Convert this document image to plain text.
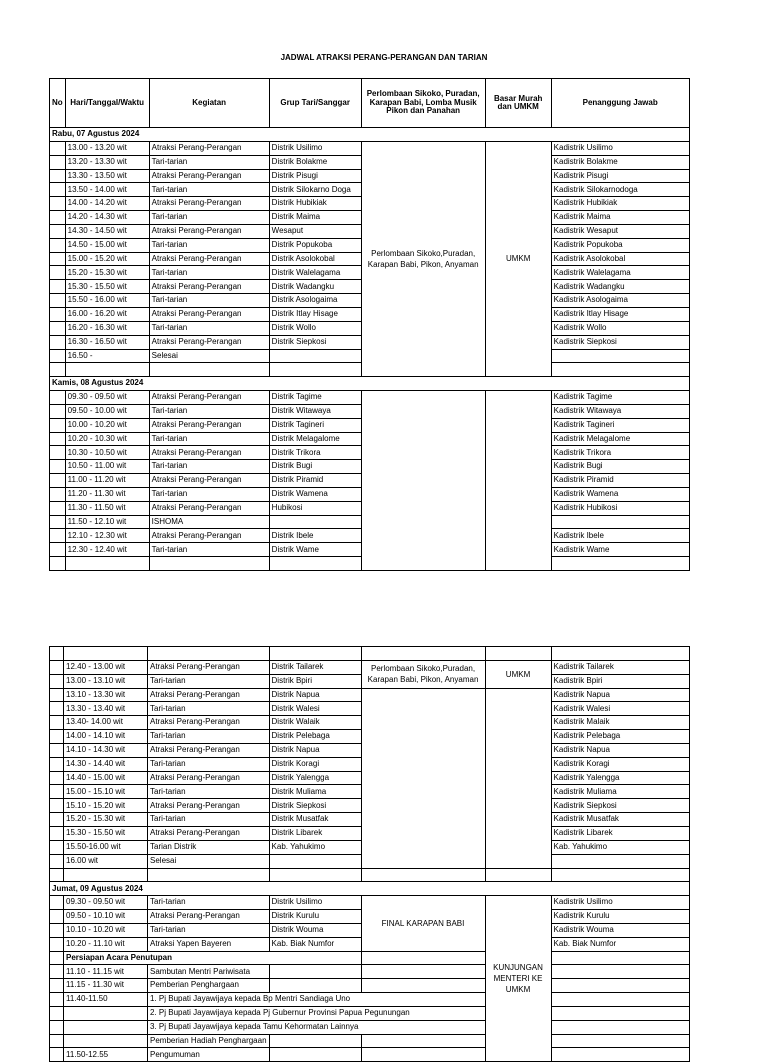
JADWAL ATRAKSI PERANG-PERANGAN DAN TARIAN
No	Hari/Tanggal/Waktu	Kegiatan	Grup Tari/Sanggar	Perlombaan Sikoko, Puradan, Karapan Babi, Lomba Musik Pikon dan Panahan	Basar Murah dan UMKM	Penanggung Jawab
Rabu, 07 Agustus 2024						
	13.00 - 13.20 wit	Atraksi Perang-Perangan	Distrik Usilimo	Perlombaan Sikoko,Puradan, Karapan Babi, Pikon, Anyaman	UMKM	Kadistrik Usilimo
	13.20 - 13.30 wit	Tari-tarian	Distrik Bolakme			Kadistrik Bolakme
	13.30 - 13.50 wit	Atraksi Perang-Perangan	Distrik Pisugi			Kadistrik Pisugi
	13.50 - 14.00 wit	Tari-tarian	Distrik Silokarno Doga			Kadistrik Silokarnodoga
	14.00 - 14.20 wit	Atraksi Perang-Perangan	Distrik Hubikiak			Kadistrik Hubikiak
	14.20 - 14.30 wit	Tari-tarian	Distrik Maima			Kadistrik Maima
	14.30 - 14.50 wit	Atraksi Perang-Perangan	Wesaput			Kadistrik Wesaput
	14.50 - 15.00 wit	Tari-tarian	Distrik Popukoba			Kadistrik Popukoba
	15.00 - 15.20 wit	Atraksi Perang-Perangan	Distrik Asolokobal			Kadistrik Asolokobal
	15.20 - 15.30 wit	Tari-tarian	Distrik Walelagama			Kadistrik Walelagama
	15.30 - 15.50 wit	Atraksi Perang-Perangan	Distrik Wadangku			Kadistrik Wadangku
	15.50 - 16.00 wit	Tari-tarian	Distrik Asologaima			Kadistrik Asologaima
	16.00 - 16.20 wit	Atraksi Perang-Perangan	Distrik Itlay Hisage			Kadistrik Itlay Hisage
	16.20 - 16.30 wit	Tari-tarian	Distrik Wollo			Kadistrik Wollo
	16.30 - 16.50 wit	Atraksi Perang-Perangan	Distrik Siepkosi			Kadistrik Siepkosi
	16.50 -	Selesai				

Kamis, 08 Agustus 2024						
	09.30 - 09.50 wit	Atraksi Perang-Perangan	Distrik Tagime			Kadistrik Tagime
	09.50 - 10.00 wit	Tari-tarian	Distrik Witawaya			Kadistrik Witawaya
	10.00 - 10.20 wit	Atraksi Perang-Perangan	Distrik Tagineri			Kadistrik Tagineri
	10.20 - 10.30 wit	Tari-tarian	Distrik Melagalome			Kadistrik Melagalome
	10.30 - 10.50 wit	Atraksi Perang-Perangan	Distrik Trikora			Kadistrik Trikora
	10.50 - 11.00 wit	Tari-tarian	Distrik Bugi			Kadistrik Bugi
	11.00 - 11.20 wit	Atraksi Perang-Perangan	Distrik Piramid			Kadistrik Piramid
	11.20 - 11.30 wit	Tari-tarian	Distrik Wamena			Kadistrik Wamena
	11.30 - 11.50 wit	Atraksi Perang-Perangan	Hubikosi			Kadistrik Hubikosi
	11.50 - 12.10 wit	ISHOMA				
	12.10 - 12.30 wit	Atraksi Perang-Perangan	Distrik Ibele			Kadistrik Ibele
	12.30 - 12.40 wit	Tari-tarian	Distrik Wame			Kadistrik Wame

	12.40 - 13.00 wit	Atraksi Perang-Perangan	Distrik Tailarek	Perlombaan Sikoko,Puradan, Karapan Babi, Pikon, Anyaman	UMKM	Kadistrik Tailarek
	13.00 - 13.10 wit	Tari-tarian	Distrik Bpiri			Kadistrik Bpiri
	13.10 - 13.30 wit	Atraksi Perang-Perangan	Distrik Napua			Kadistrik Napua
	13.30 - 13.40 wit	Tari-tarian	Distrik Walesi			Kadistrik Walesi
	13.40- 14.00 wit	Atraksi Perang-Perangan	Distrik Walaik			Kadistrik Malaik
	14.00 - 14.10 wit	Tari-tarian	Distrik Pelebaga			Kadistrik Pelebaga
	14.10 - 14.30 wit	Atraksi Perang-Perangan	Distrik Napua			Kadistrik Napua
	14.30 - 14.40 wit	Tari-tarian	Distrik Koragi			Kadistrik Koragi
	14.40 - 15.00 wit	Atraksi Perang-Perangan	Distrik Yalengga			Kadistrik Yalengga
	15.00 - 15.10 wit	Tari-tarian	Distrik Muliama			Kadistrik Muliama
	15.10 - 15.20 wit	Atraksi Perang-Perangan	Distrik Siepkosi			Kadistrik Siepkosi
	15.20 - 15.30 wit	Tari-tarian	Distrik Musatfak			Kadistrik Musatfak
	15.30 - 15.50 wit	Atraksi Perang-Perangan	Distrik Libarek			Kadistrik Libarek
	15.50-16.00 wit	Tarian Distrik	Kab. Yahukimo			Kab. Yahukimo
	16.00 wit	Selesai				

Jumat, 09 Agustus 2024						
	09.30 - 09.50 wit	Tari-tarian	Distrik Usilimo	FINAL KARAPAN BABI	KUNJUNGAN MENTERI KE UMKM	Kadistrik Usilimo
	09.50 - 10.10 wit	Atraksi Perang-Perangan	Distrik Kurulu			Kadistrik Kurulu
	10.10 - 10.20 wit	Tari-tarian	Distrik Wouma			Kadistrik Wouma
	10.20 - 11.10 wit	Atraksi Yapen Bayeren	Kab. Biak Numfor			Kab. Biak Numfor
	Persiapan Acara Penutupan					
	11.10 - 11.15 wit	Sambutan Mentri Pariwisata				
	11.15 - 11.30 wit	Pemberian Penghargaan				
	11.40-11.50	1. Pj Bupati Jayawijaya kepada Bp Mentri Sandiaga Uno				
		2. Pj Bupati Jayawijaya kepada Pj Gubernur Provinsi Papua Pegunungan				
		3. Pj Bupati Jayawijaya kepada Tamu Kehormatan Lainnya				
		Pemberian Hadiah Penghargaan				
	11.50-12.55	Pengumuman				
